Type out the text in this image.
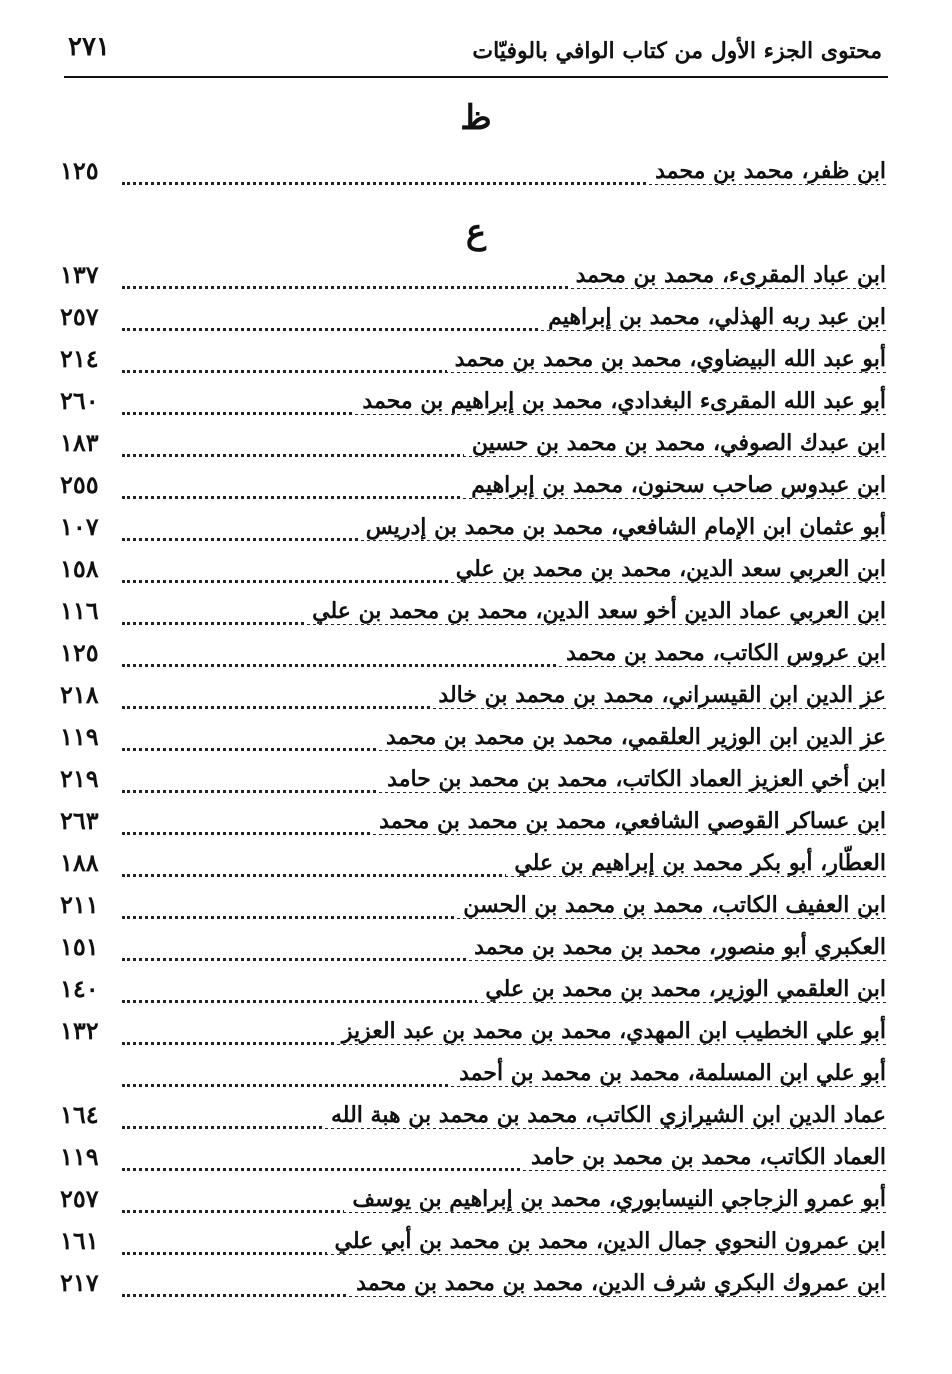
محتوى الجزء الأول من كتاب الوافي بالوفيّات
٢٧١
ظ
ابن ظفر، محمد بن محمد
١٢٥
ع
ابن عباد المقرىء، محمد بن محمد
١٣٧
ابن عبد ربه الهذلي، محمد بن إبراهيم
٢٥٧
أبو عبد الله البيضاوي، محمد بن محمد بن محمد
٢١٤
أبو عبد الله المقرىء البغدادي، محمد بن إبراهيم بن محمد
٢٦٠
ابن عبدك الصوفي، محمد بن محمد بن حسين
١٨٣
ابن عبدوس صاحب سحنون، محمد بن إبراهيم
٢٥٥
أبو عثمان ابن الإمام الشافعي، محمد بن محمد بن إدريس
١٠٧
ابن العربي سعد الدين، محمد بن محمد بن علي
١٥٨
ابن العربي عماد الدين أخو سعد الدين، محمد بن محمد بن علي
١١٦
ابن عروس الكاتب، محمد بن محمد
١٢٥
عز الدين ابن القيسراني، محمد بن محمد بن خالد
٢١٨
عز الدين ابن الوزير العلقمي، محمد بن محمد بن محمد
١١٩
ابن أخي العزيز العماد الكاتب، محمد بن محمد بن حامد
٢١٩
ابن عساكر القوصي الشافعي، محمد بن محمد بن محمد
٢٦٣
العطّار، أبو بكر محمد بن إبراهيم بن علي
١٨٨
ابن العفيف الكاتب، محمد بن محمد بن الحسن
٢١١
العكبري أبو منصور، محمد بن محمد بن محمد
١٥١
ابن العلقمي الوزير، محمد بن محمد بن علي
١٤٠
أبو علي الخطيب ابن المهدي، محمد بن محمد بن عبد العزيز
١٣٢
أبو علي ابن المسلمة، محمد بن محمد بن أحمد
عماد الدين ابن الشيرازي الكاتب، محمد بن محمد بن هبة الله
١٦٤
العماد الكاتب، محمد بن محمد بن حامد
١١٩
أبو عمرو الزجاجي النيسابوري، محمد بن إبراهيم بن يوسف
٢٥٧
ابن عمرون النحوي جمال الدين، محمد بن محمد بن أبي علي
١٦١
ابن عمروك البكري شرف الدين، محمد بن محمد بن محمد
٢١٧
